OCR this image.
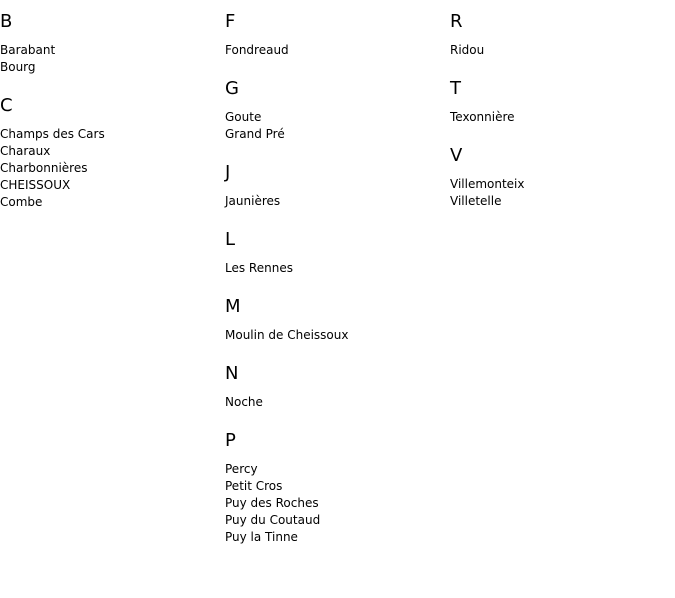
B
Barabant
Bourg
C
Champs des Cars
Charaux
Charbonnières
CHEISSOUX
Combe
F
Fondreaud
G
Goute
Grand Pré
J
Jaunières
L
Les Rennes
M
Moulin de Cheissoux
N
Noche
P
Percy
Petit Cros
Puy des Roches
Puy du Coutaud
Puy la Tinne
R
Ridou
T
Texonnière
V
Villemonteix
Villetelle
